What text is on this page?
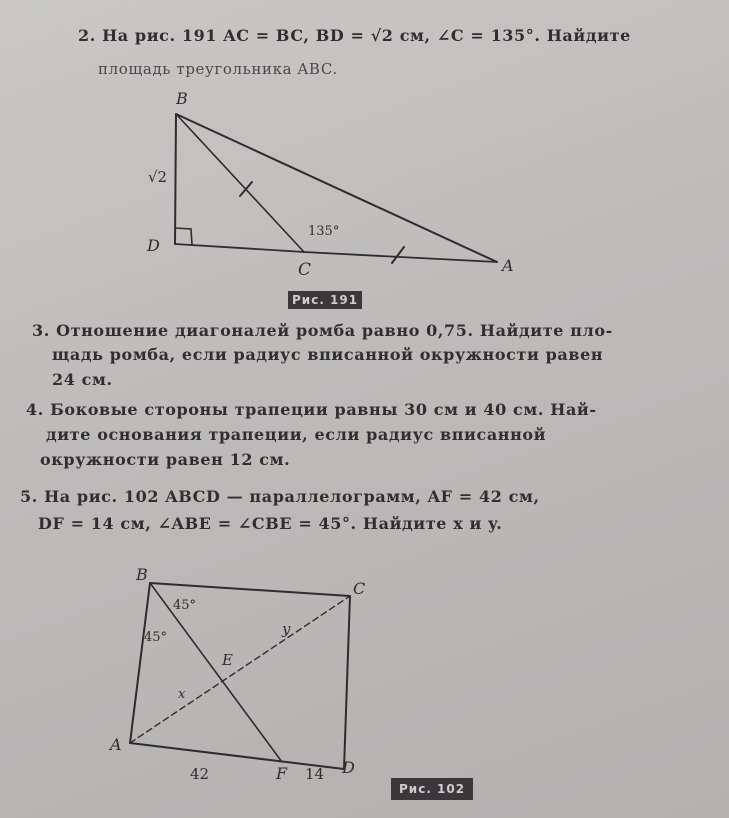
2. На рис. 191 AC = BC, BD = √2 см, ∠C = 135°. Найдите
площадь треугольника ABC.
B
D
C	A
√2
135°
Рис. 191
3. Отношение диагоналей ромба равно 0,75. Найдите пло-
щадь ромба, если радиус вписанной окружности равен
24 см.
4. Боковые стороны трапеции равны 30 см и 40 см. Най-
дите основания трапеции, если радиус вписанной
окружности равен 12 см.
5. На рис. 102 ABCD — параллелограмм, AF = 42 см,
DF = 14 см, ∠ABE = ∠CBE = 45°. Найдите x и y.
B
C
A
D
E
F
45°
45°
x
y
42	14
Рис. 102
